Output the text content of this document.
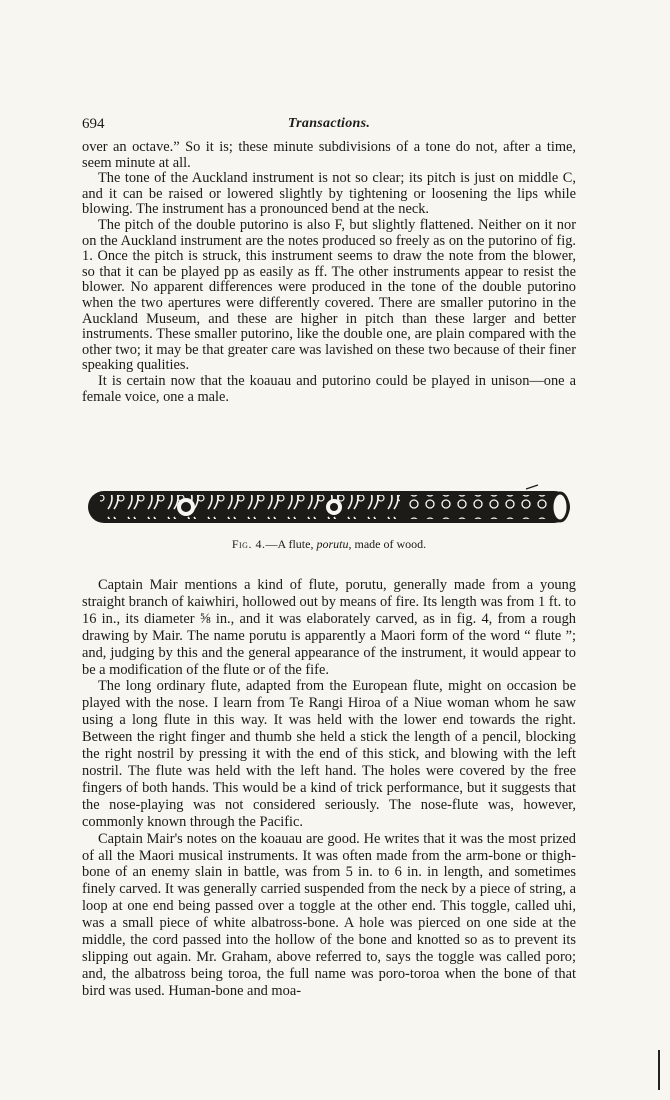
694	Transactions.

over an octave.” So it is; these minute subdivisions of a tone do not, after a time, seem minute at all.

The tone of the Auckland instrument is not so clear; its pitch is just on middle C, and it can be raised or lowered slightly by tightening or loosening the lips while blowing. The instrument has a pronounced bend at the neck.

The pitch of the double putorino is also F, but slightly flattened. Neither on it nor on the Auckland instrument are the notes produced so freely as on the putorino of fig. 1. Once the pitch is struck, this instrument seems to draw the note from the blower, so that it can be played pp as easily as ff. The other instruments appear to resist the blower. No apparent differences were produced in the tone of the double putorino when the two apertures were differently covered. There are smaller putorino in the Auckland Museum, and these are higher in pitch than these larger and better instruments. These smaller putorino, like the double one, are plain compared with the other two; it may be that greater care was lavished on these two because of their finer speaking qualities.

It is certain now that the koauau and putorino could be played in unison—one a female voice, one a male.

Fig. 4.—A flute, porutu, made of wood.

Captain Mair mentions a kind of flute, porutu, generally made from a young straight branch of kaiwhiri, hollowed out by means of fire. Its length was from 1 ft. to 16 in., its diameter ⅝ in., and it was elaborately carved, as in fig. 4, from a rough drawing by Mair. The name porutu is apparently a Maori form of the word “ flute ”; and, judging by this and the general appearance of the instrument, it would appear to be a modification of the flute or of the fife.

The long ordinary flute, adapted from the European flute, might on occasion be played with the nose. I learn from Te Rangi Hiroa of a Niue woman whom he saw using a long flute in this way. It was held with the lower end towards the right. Between the right finger and thumb she held a stick the length of a pencil, blocking the right nostril by pressing it with the end of this stick, and blowing with the left nostril. The flute was held with the left hand. The holes were covered by the free fingers of both hands. This would be a kind of trick performance, but it suggests that the nose-playing was not considered seriously. The nose-flute was, however, commonly known through the Pacific.

Captain Mair's notes on the koauau are good. He writes that it was the most prized of all the Maori musical instruments. It was often made from the arm-bone or thigh-bone of an enemy slain in battle, was from 5 in. to 6 in. in length, and sometimes finely carved. It was generally carried suspended from the neck by a piece of string, a loop at one end being passed over a toggle at the other end. This toggle, called uhi, was a small piece of white albatross-bone. A hole was pierced on one side at the middle, the cord passed into the hollow of the bone and knotted so as to prevent its slipping out again. Mr. Graham, above referred to, says the toggle was called poro; and, the albatross being toroa, the full name was poro-toroa when the bone of that bird was used. Human-bone and moa-
